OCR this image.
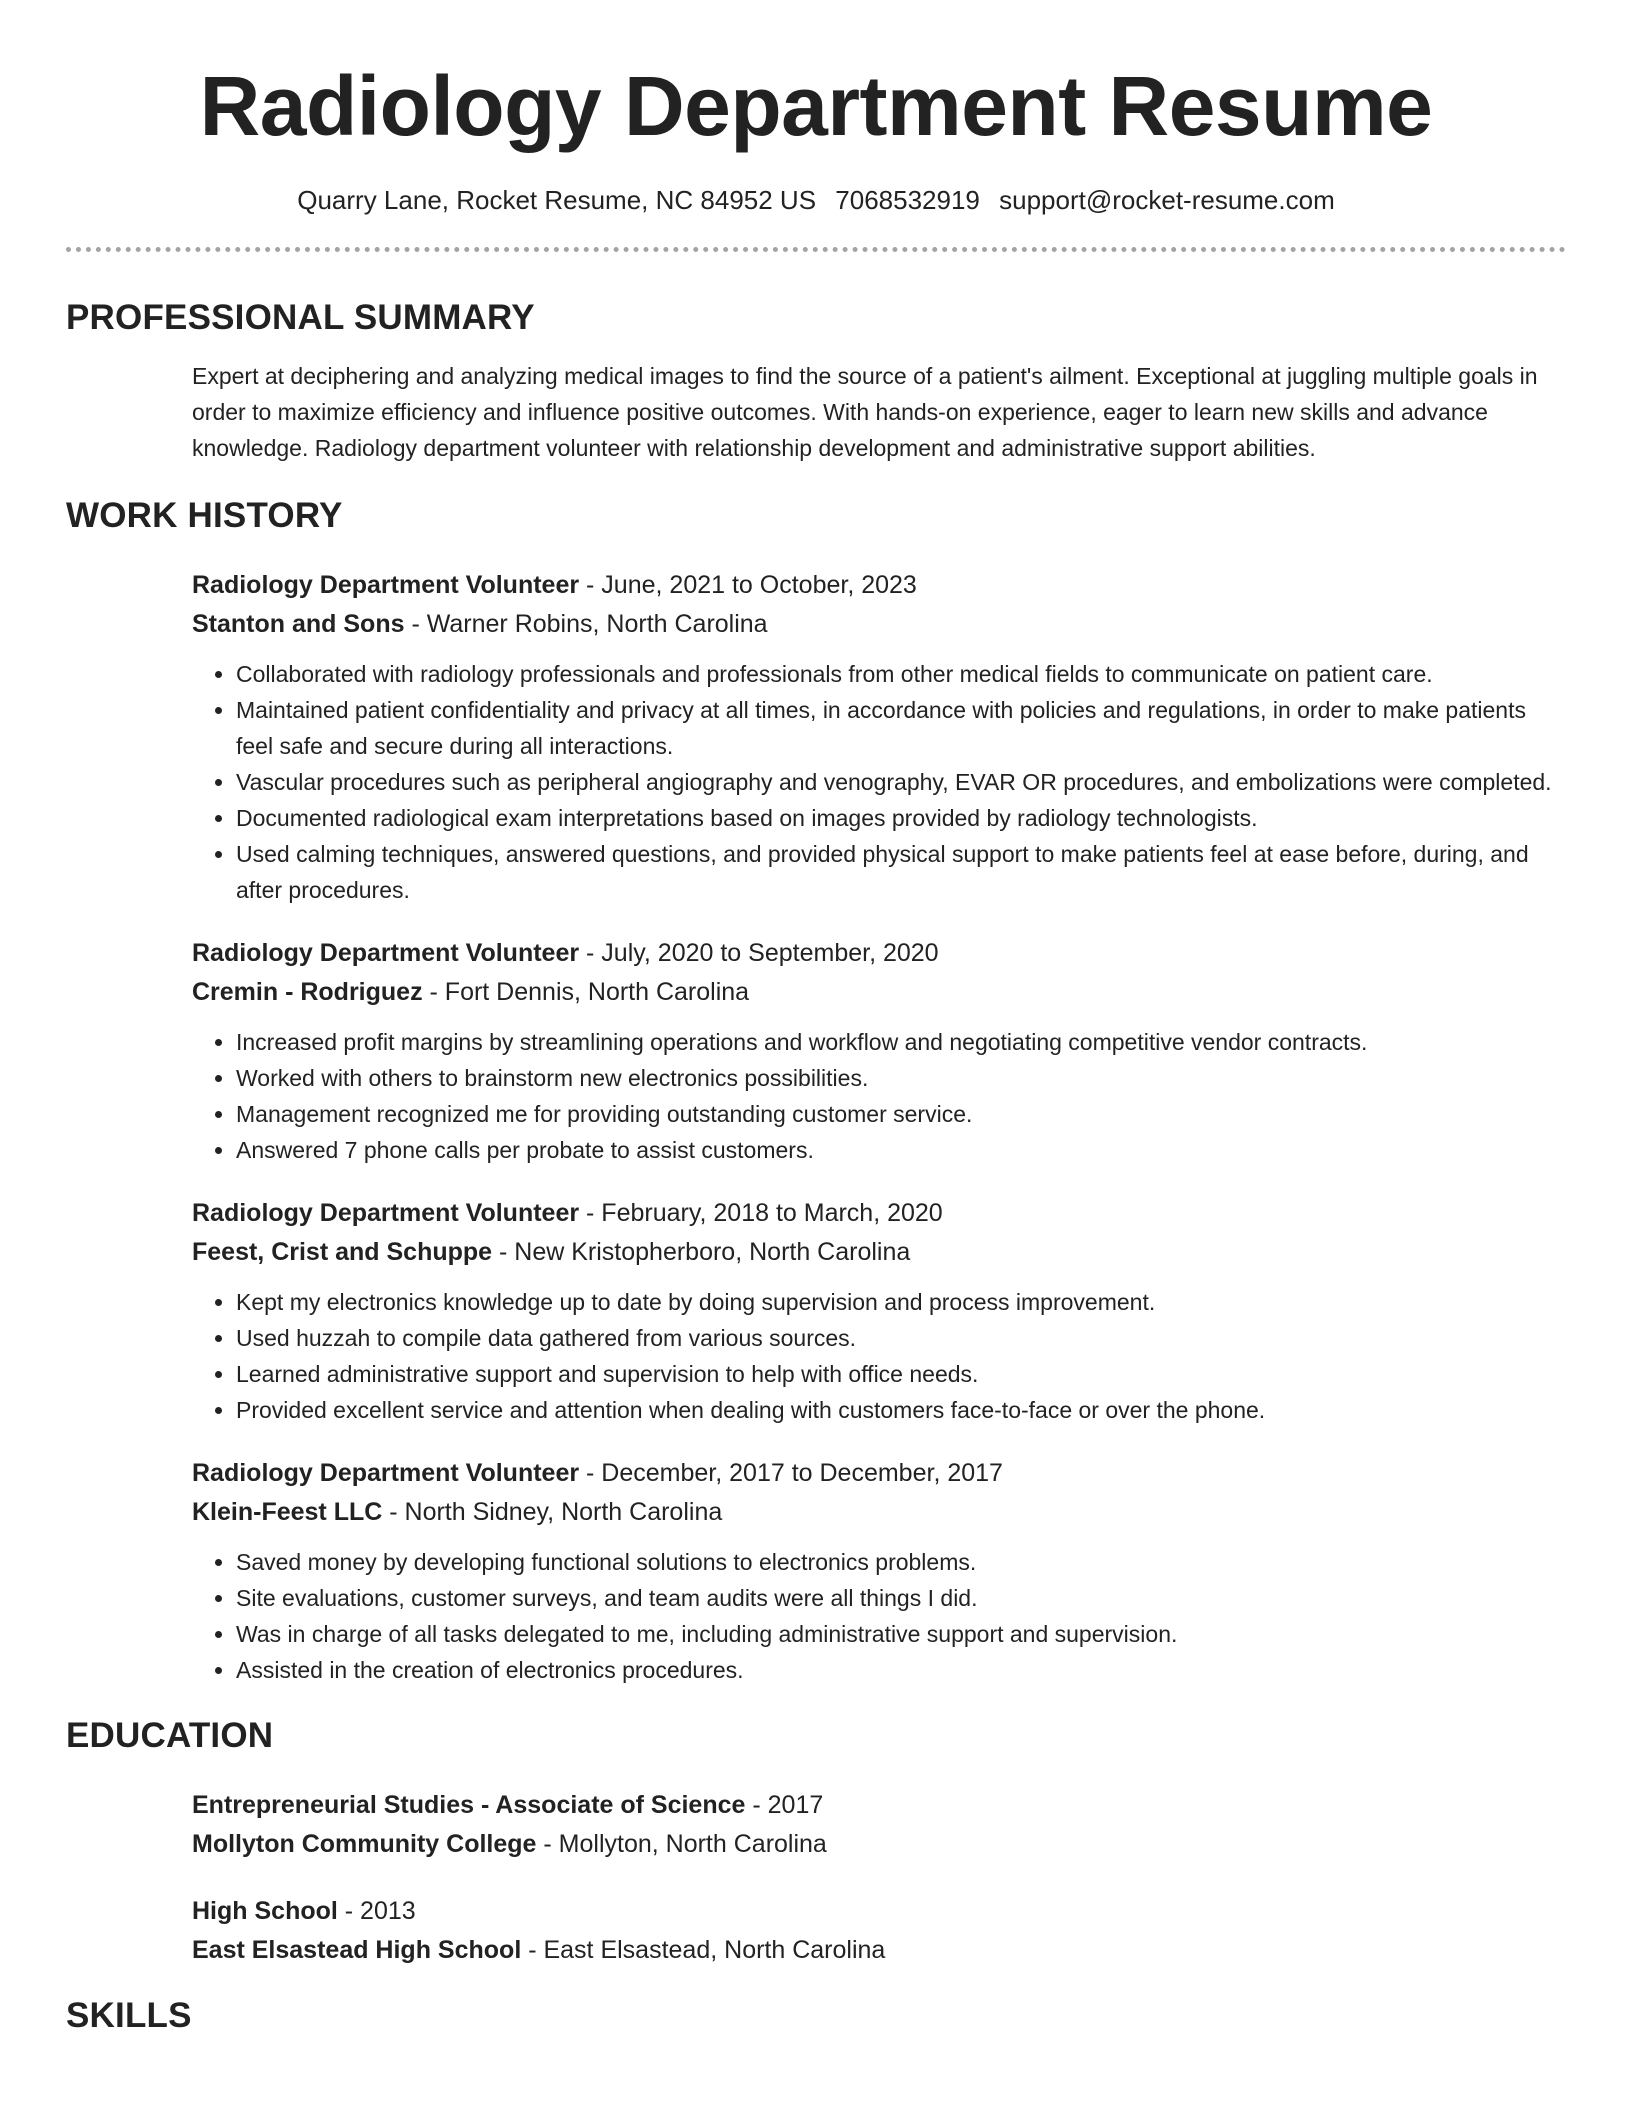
Radiology Department Resume
Quarry Lane, Rocket Resume, NC 84952 US 7068532919 support@rocket-resume.com
PROFESSIONAL SUMMARY
Expert at deciphering and analyzing medical images to find the source of a patient's ailment. Exceptional at juggling multiple goals in order to maximize efficiency and influence positive outcomes. With hands-on experience, eager to learn new skills and advance knowledge. Radiology department volunteer with relationship development and administrative support abilities.
WORK HISTORY
Radiology Department Volunteer - June, 2021 to October, 2023
Stanton and Sons - Warner Robins, North Carolina
• Collaborated with radiology professionals and professionals from other medical fields to communicate on patient care.
• Maintained patient confidentiality and privacy at all times, in accordance with policies and regulations, in order to make patients feel safe and secure during all interactions.
• Vascular procedures such as peripheral angiography and venography, EVAR OR procedures, and embolizations were completed.
• Documented radiological exam interpretations based on images provided by radiology technologists.
• Used calming techniques, answered questions, and provided physical support to make patients feel at ease before, during, and after procedures.
Radiology Department Volunteer - July, 2020 to September, 2020
Cremin - Rodriguez - Fort Dennis, North Carolina
• Increased profit margins by streamlining operations and workflow and negotiating competitive vendor contracts.
• Worked with others to brainstorm new electronics possibilities.
• Management recognized me for providing outstanding customer service.
• Answered 7 phone calls per probate to assist customers.
Radiology Department Volunteer - February, 2018 to March, 2020
Feest, Crist and Schuppe - New Kristopherboro, North Carolina
• Kept my electronics knowledge up to date by doing supervision and process improvement.
• Used huzzah to compile data gathered from various sources.
• Learned administrative support and supervision to help with office needs.
• Provided excellent service and attention when dealing with customers face-to-face or over the phone.
Radiology Department Volunteer - December, 2017 to December, 2017
Klein-Feest LLC - North Sidney, North Carolina
• Saved money by developing functional solutions to electronics problems.
• Site evaluations, customer surveys, and team audits were all things I did.
• Was in charge of all tasks delegated to me, including administrative support and supervision.
• Assisted in the creation of electronics procedures.
EDUCATION
Entrepreneurial Studies - Associate of Science - 2017
Mollyton Community College - Mollyton, North Carolina
High School - 2013
East Elsastead High School - East Elsastead, North Carolina
SKILLS
